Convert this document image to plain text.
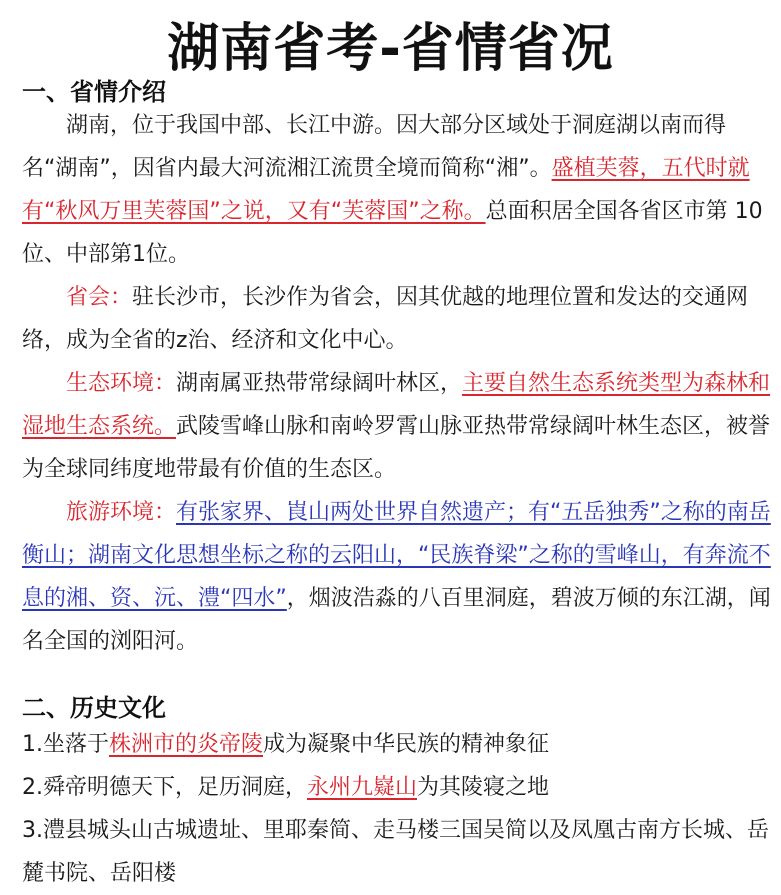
湖南省考-省情省况
一、省情介绍

湖南，位于我国中部、长江中游。因大部分区域处于洞庭湖以南而得名“湖南”，因省内最大河流湘江流贯全境而简称“湘”。盛植芙蓉，五代时就有“秋风万里芙蓉国”之说，又有“芙蓉国”之称。总面积居全国各省区市第 10 位、中部第1位。

省会：驻长沙市，长沙作为省会，因其优越的地理位置和发达的交通网络，成为全省的z治、经济和文化中心。

生态环境：湖南属亚热带常绿阔叶林区，主要自然生态系统类型为森林和湿地生态系统。武陵雪峰山脉和南岭罗霄山脉亚热带常绿阔叶林生态区，被誉为全球同纬度地带最有价值的生态区。

旅游环境：有张家界、崀山两处世界自然遗产；有“五岳独秀”之称的南岳衡山；湖南文化思想坐标之称的云阳山，“民族脊梁”之称的雪峰山，有奔流不息的湘、资、沅、澧“四水”，烟波浩淼的八百里洞庭，碧波万倾的东江湖，闻名全国的浏阳河。

二、历史文化

1.坐落于株洲市的炎帝陵成为凝聚中华民族的精神象征

2.舜帝明德天下，足历洞庭，永州九嶷山为其陵寝之地

3.澧县城头山古城遗址、里耶秦简、走马楼三国吴简以及凤凰古南方长城、岳麓书院、岳阳楼
